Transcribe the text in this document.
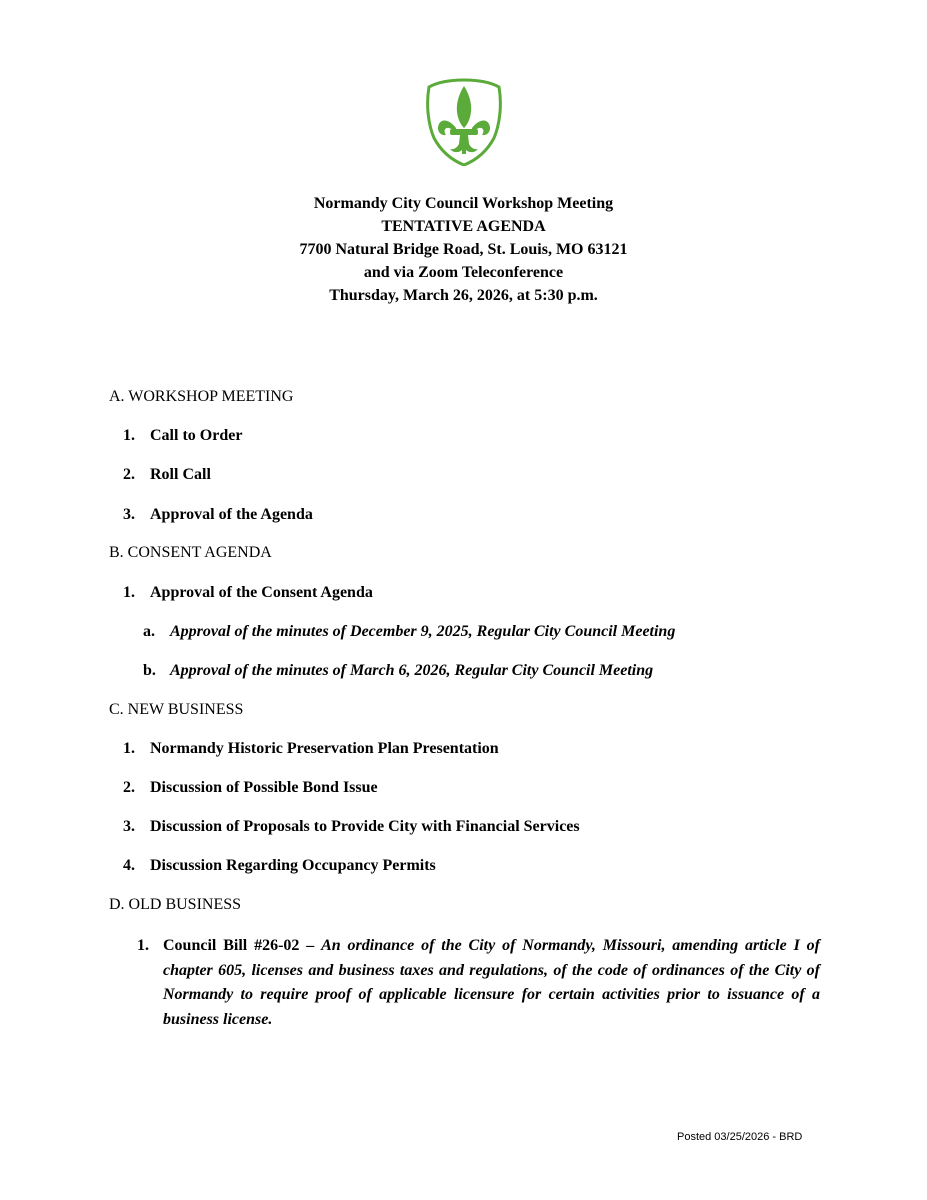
Normandy City Council Workshop Meeting
TENTATIVE AGENDA
7700 Natural Bridge Road, St. Louis, MO 63121
and via Zoom Teleconference
Thursday, March 26, 2026, at 5:30 p.m.
A. WORKSHOP MEETING
1. Call to Order
2. Roll Call
3. Approval of the Agenda
B. CONSENT AGENDA
1. Approval of the Consent Agenda
a. Approval of the minutes of December 9, 2025, Regular City Council Meeting
b. Approval of the minutes of March 6, 2026, Regular City Council Meeting
C. NEW BUSINESS
1. Normandy Historic Preservation Plan Presentation
2. Discussion of Possible Bond Issue
3. Discussion of Proposals to Provide City with Financial Services
4. Discussion Regarding Occupancy Permits
D. OLD BUSINESS
1. Council Bill #26-02 – An ordinance of the City of Normandy, Missouri, amending article I of chapter 605, licenses and business taxes and regulations, of the code of ordinances of the City of Normandy to require proof of applicable licensure for certain activities prior to issuance of a business license.
Posted 03/25/2026 - BRD
